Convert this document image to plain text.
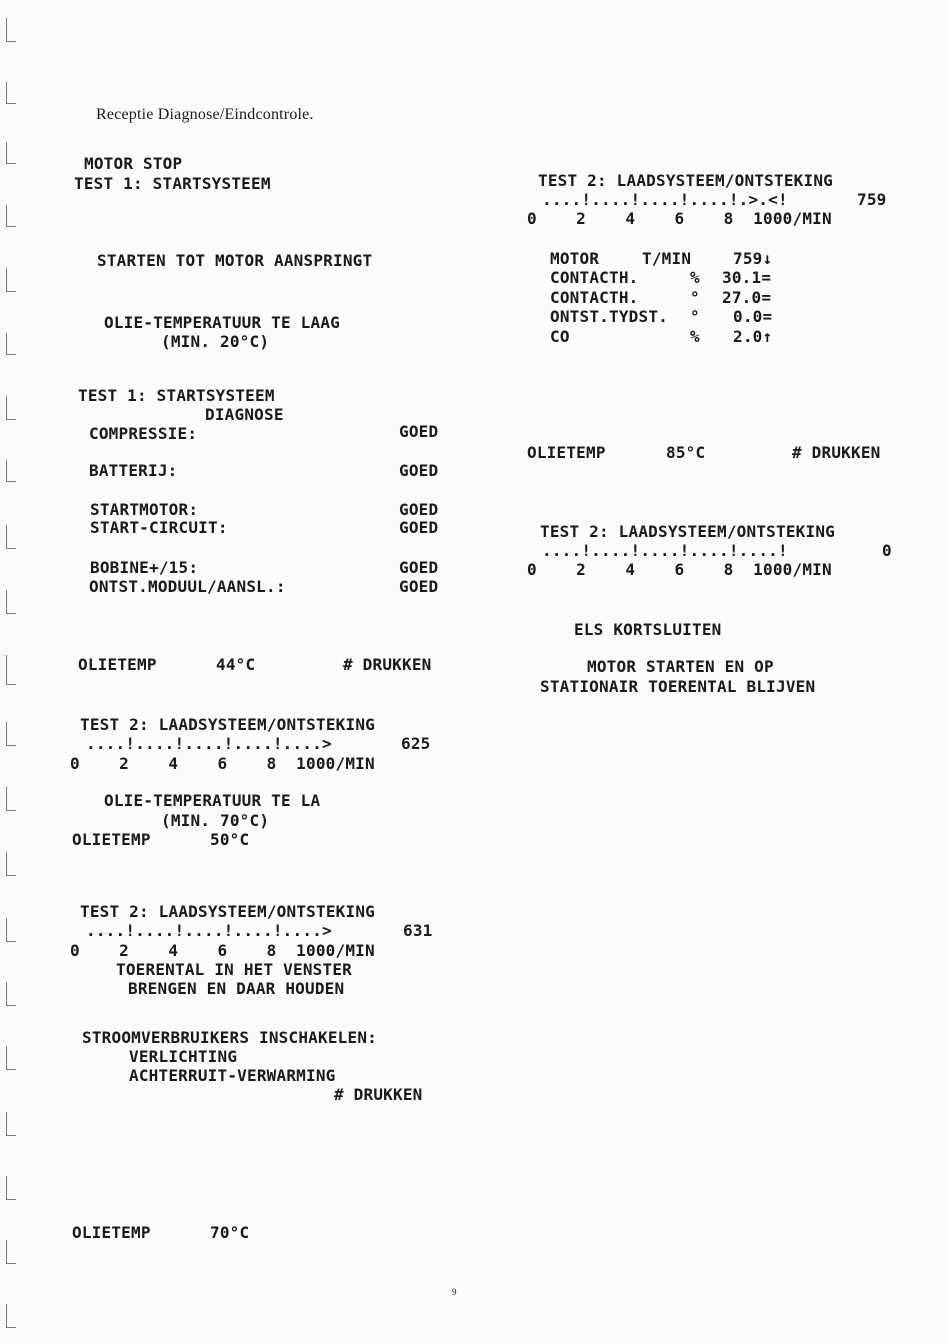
Receptie Diagnose/Eindcontrole.
MOTOR STOP
TEST 1: STARTSYSTEEM
STARTEN TOT MOTOR AANSPRINGT
OLIE-TEMPERATUUR TE LAAG
(MIN. 20°C)
TEST 1: STARTSYSTEEM
DIAGNOSE
COMPRESSIE:	GOED
BATTERIJ:	GOED
STARTMOTOR:	GOED
START-CIRCUIT:	GOED
BOBINE+/15:	GOED
ONTST.MODUUL/AANSL.:	GOED
OLIETEMP	44°C	# DRUKKEN
TEST 2: LAADSYSTEEM/ONTSTEKING
....!....!....!....!....>	625
0    2    4    6    8  1000/MIN
OLIE-TEMPERATUUR TE LA
(MIN. 70°C)
OLIETEMP	50°C
TEST 2: LAADSYSTEEM/ONTSTEKING
....!....!....!....!....>	631
0    2    4    6    8  1000/MIN
TOERENTAL IN HET VENSTER
BRENGEN EN DAAR HOUDEN
STROOMVERBRUIKERS INSCHAKELEN:
VERLICHTING
ACHTERRUIT-VERWARMING
# DRUKKEN
OLIETEMP	70°C
TEST 2: LAADSYSTEEM/ONTSTEKING
....!....!....!....!.>.<!	759
0    2    4    6    8  1000/MIN
MOTOR	T/MIN	759↓
CONTACTH.	% 30.1=
CONTACTH.	° 27.0=
ONTST.TYDST. ° 0.0=
CO	% 2.0↑
OLIETEMP	85°C	# DRUKKEN
TEST 2: LAADSYSTEEM/ONTSTEKING
....!....!....!....!....!	0
0    2    4    6    8  1000/MIN
ELS KORTSLUITEN
MOTOR STARTEN EN OP
STATIONAIR TOERENTAL BLIJVEN
9
